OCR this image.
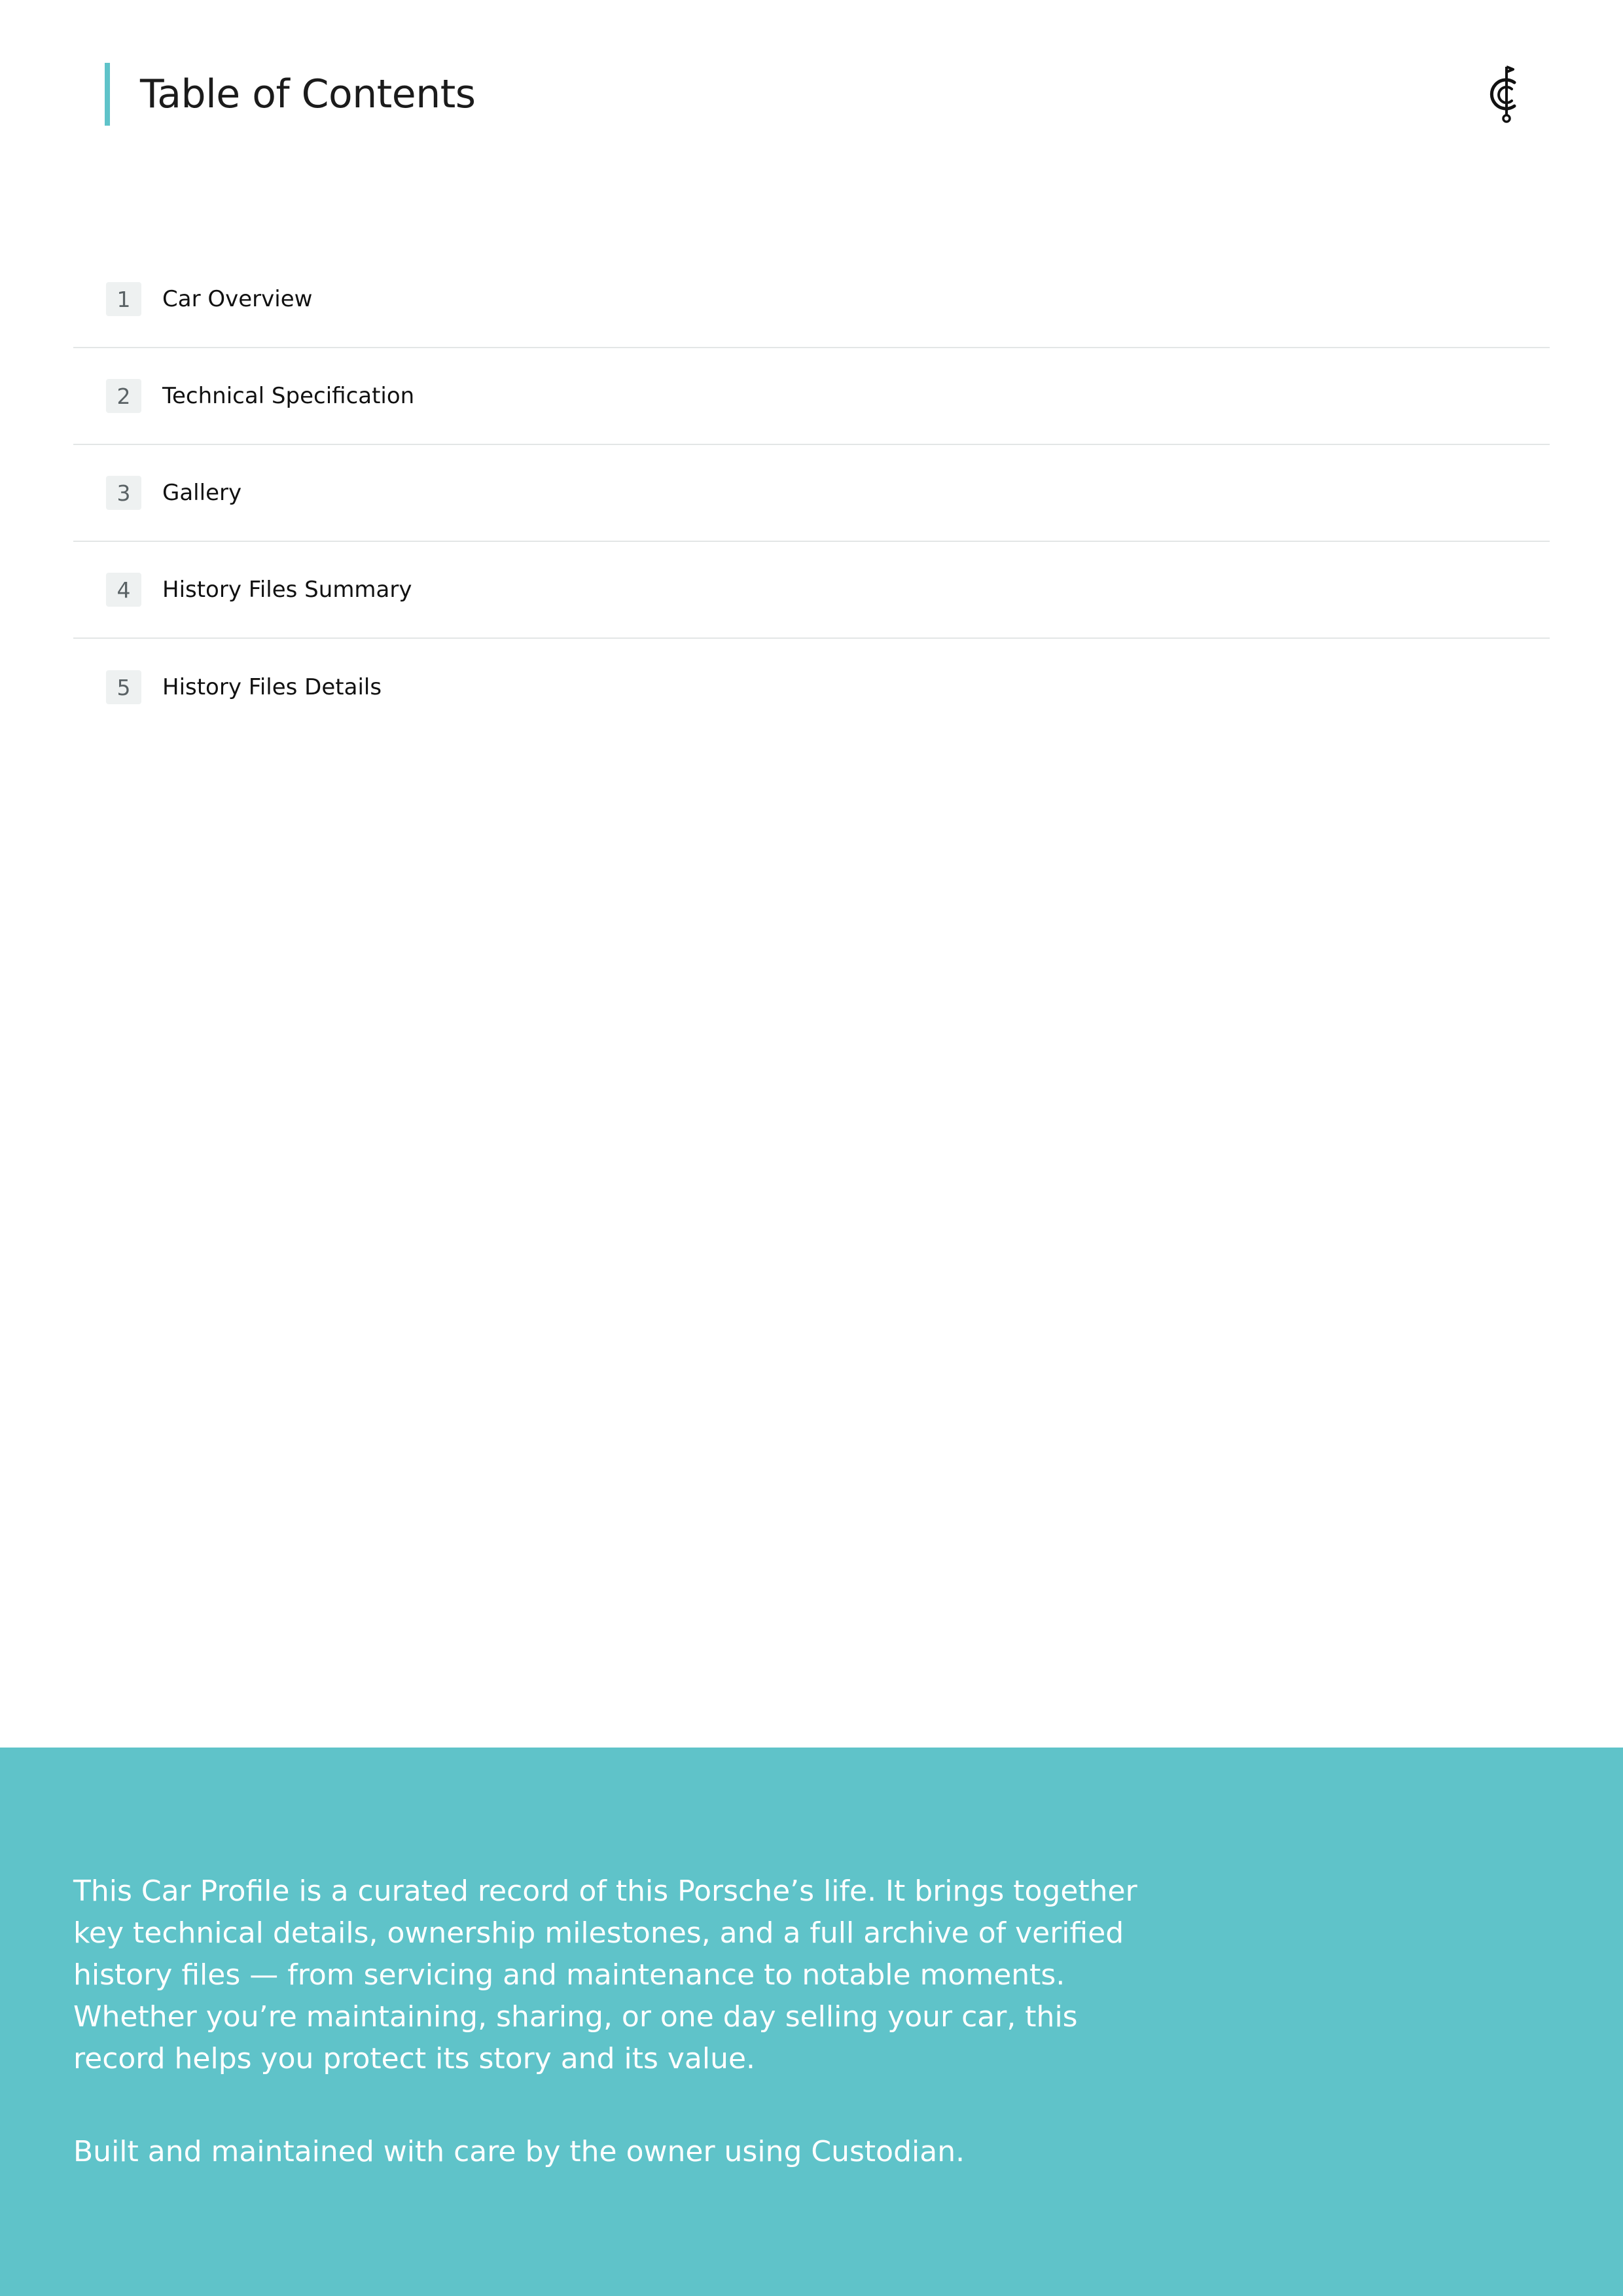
Table of Contents
1	Car Overview
2	Technical Specification
3	Gallery
4	History Files Summary
5	History Files Details
This Car Profile is a curated record of this Porsche’s life. It brings together key technical details, ownership milestones, and a full archive of verified history files — from servicing and maintenance to notable moments. Whether you’re maintaining, sharing, or one day selling your car, this record helps you protect its story and its value.
Built and maintained with care by the owner using Custodian.
